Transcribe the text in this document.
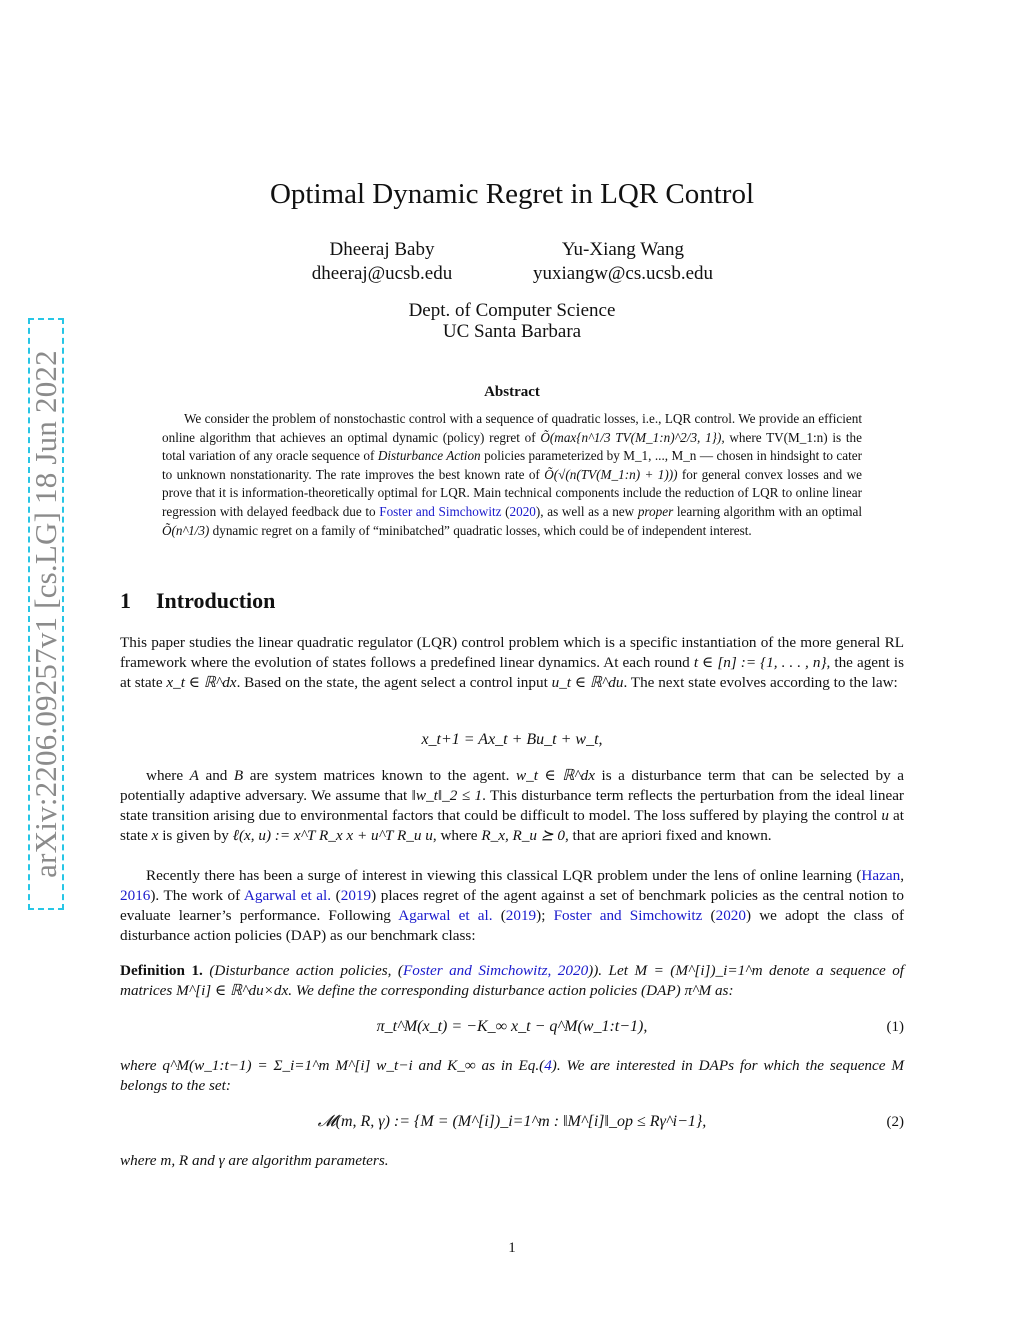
arXiv:2206.09257v1 [cs.LG] 18 Jun 2022
Optimal Dynamic Regret in LQR Control
Dheeraj Baby
dheeraj@ucsb.edu
Yu-Xiang Wang
yuxiangw@cs.ucsb.edu
Dept. of Computer Science
UC Santa Barbara
Abstract
We consider the problem of nonstochastic control with a sequence of quadratic losses, i.e., LQR control. We provide an efficient online algorithm that achieves an optimal dynamic (policy) regret of Õ(max{n^1/3 TV(M_1:n)^2/3, 1}), where TV(M_1:n) is the total variation of any oracle sequence of Disturbance Action policies parameterized by M_1, ..., M_n — chosen in hindsight to cater to unknown nonstationarity. The rate improves the best known rate of Õ(√(n(TV(M_1:n) + 1))) for general convex losses and we prove that it is information-theoretically optimal for LQR. Main technical components include the reduction of LQR to online linear regression with delayed feedback due to Foster and Simchowitz (2020), as well as a new proper learning algorithm with an optimal Õ(n^1/3) dynamic regret on a family of “minibatched” quadratic losses, which could be of independent interest.
1 Introduction
This paper studies the linear quadratic regulator (LQR) control problem which is a specific instantiation of the more general RL framework where the evolution of states follows a predefined linear dynamics. At each round t ∈ [n] := {1, . . . , n}, the agent is at state x_t ∈ ℝ^dx. Based on the state, the agent select a control input u_t ∈ ℝ^du. The next state evolves according to the law:
x_t+1 = Ax_t + Bu_t + w_t,
where A and B are system matrices known to the agent. w_t ∈ ℝ^dx is a disturbance term that can be selected by a potentially adaptive adversary. We assume that ‖w_t‖_2 ≤ 1. This disturbance term reflects the perturbation from the ideal linear state transition arising due to environmental factors that could be difficult to model. The loss suffered by playing the control u at state x is given by ℓ(x, u) := x^T R_x x + u^T R_u u, where R_x, R_u ⪰ 0, that are apriori fixed and known.
Recently there has been a surge of interest in viewing this classical LQR problem under the lens of online learning (Hazan, 2016). The work of Agarwal et al. (2019) places regret of the agent against a set of benchmark policies as the central notion to evaluate learner’s performance. Following Agarwal et al. (2019); Foster and Simchowitz (2020) we adopt the class of disturbance action policies (DAP) as our benchmark class:
Definition 1. (Disturbance action policies, (Foster and Simchowitz, 2020)). Let M = (M^[i])_i=1^m denote a sequence of matrices M^[i] ∈ ℝ^du×dx. We define the corresponding disturbance action policies (DAP) π^M as:
π_t^M(x_t) = −K_∞ x_t − q^M(w_1:t−1),	(1)
where q^M(w_1:t−1) = Σ_i=1^m M^[i] w_t−i and K_∞ as in Eq.(4). We are interested in DAPs for which the sequence M belongs to the set:
𝓜(m, R, γ) := {M = (M^[i])_i=1^m : ‖M^[i]‖_op ≤ Rγ^i−1},	(2)
where m, R and γ are algorithm parameters.
1
